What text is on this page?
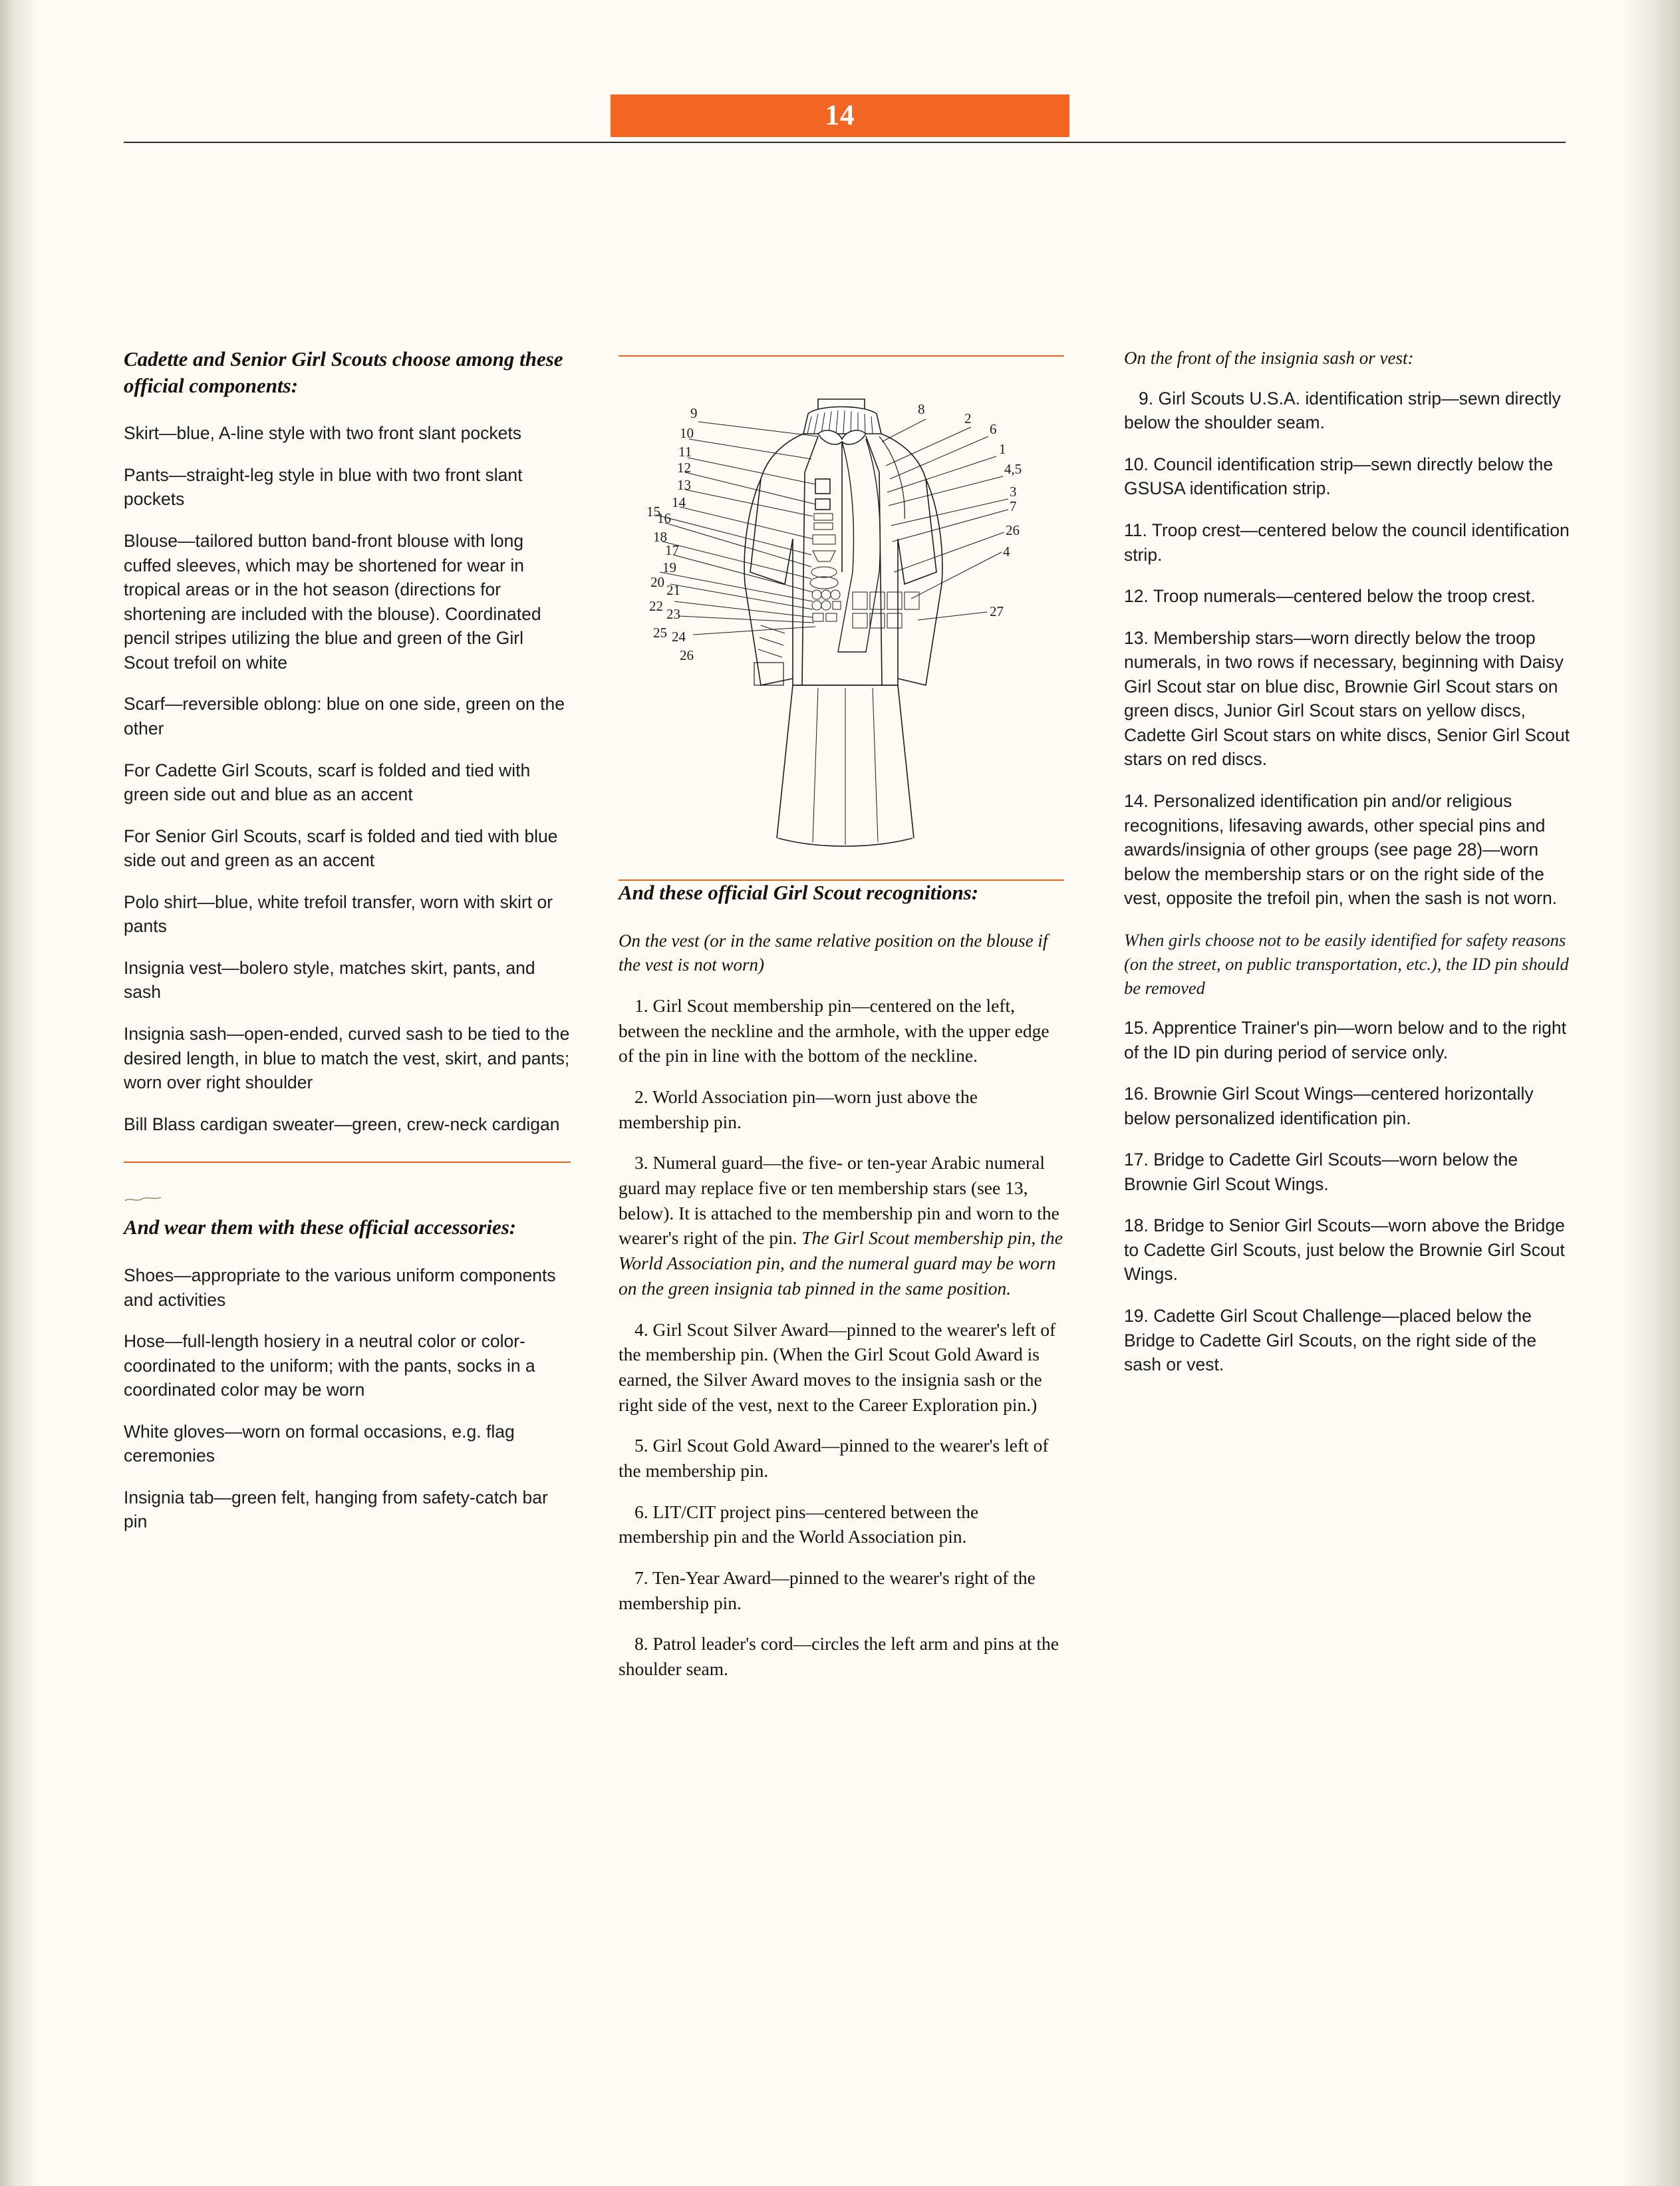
14
Cadette and Senior Girl Scouts choose among these official components:

Skirt—blue, A-line style with two front slant pockets

Pants—straight-leg style in blue with two front slant pockets

Blouse—tailored button band-front blouse with long cuffed sleeves, which may be shortened for wear in tropical areas or in the hot season (directions for shortening are included with the blouse). Coordinated pencil stripes utilizing the blue and green of the Girl Scout trefoil on white

Scarf—reversible oblong: blue on one side, green on the other

For Cadette Girl Scouts, scarf is folded and tied with green side out and blue as an accent

For Senior Girl Scouts, scarf is folded and tied with blue side out and green as an accent

Polo shirt—blue, white trefoil transfer, worn with skirt or pants

Insignia vest—bolero style, matches skirt, pants, and sash

Insignia sash—open-ended, curved sash to be tied to the desired length, in blue to match the vest, skirt, and pants; worn over right shoulder

Bill Blass cardigan sweater—green, crew-neck cardigan

And wear them with these official accessories:

Shoes—appropriate to the various uniform components and activities

Hose—full-length hosiery in a neutral color or color-coordinated to the uniform; with the pants, socks in a coordinated color may be worn

White gloves—worn on formal occasions, e.g. flag ceremonies

Insignia tab—green felt, hanging from safety-catch bar pin

9
10
11
12
13
14
15
16
18
17
19
20 21
22 23
25 24
26
8
2
6
1
4,5
3
7
26
4
27
And these official Girl Scout recognitions:

On the vest (or in the same relative position on the blouse if the vest is not worn)

1. Girl Scout membership pin—centered on the left, between the neckline and the armhole, with the upper edge of the pin in line with the bottom of the neckline.

2. World Association pin—worn just above the membership pin.

3. Numeral guard—the five- or ten-year Arabic numeral guard may replace five or ten membership stars (see 13, below). It is attached to the membership pin and worn to the wearer's right of the pin. The Girl Scout membership pin, the World Association pin, and the numeral guard may be worn on the green insignia tab pinned in the same position.

4. Girl Scout Silver Award—pinned to the wearer's left of the membership pin. (When the Girl Scout Gold Award is earned, the Silver Award moves to the insignia sash or the right side of the vest, next to the Career Exploration pin.)

5. Girl Scout Gold Award—pinned to the wearer's left of the membership pin.

6. LIT/CIT project pins—centered between the membership pin and the World Association pin.

7. Ten-Year Award—pinned to the wearer's right of the membership pin.

8. Patrol leader's cord—circles the left arm and pins at the shoulder seam.

On the front of the insignia sash or vest:

9. Girl Scouts U.S.A. identification strip—sewn directly below the shoulder seam.

10. Council identification strip—sewn directly below the GSUSA identification strip.

11. Troop crest—centered below the council identification strip.

12. Troop numerals—centered below the troop crest.

13. Membership stars—worn directly below the troop numerals, in two rows if necessary, beginning with Daisy Girl Scout star on blue disc, Brownie Girl Scout stars on green discs, Junior Girl Scout stars on yellow discs, Cadette Girl Scout stars on white discs, Senior Girl Scout stars on red discs.

14. Personalized identification pin and/or religious recognitions, lifesaving awards, other special pins and awards/insignia of other groups (see page 28)—worn below the membership stars or on the right side of the vest, opposite the trefoil pin, when the sash is not worn.

When girls choose not to be easily identified for safety reasons (on the street, on public transportation, etc.), the ID pin should be removed

15. Apprentice Trainer's pin—worn below and to the right of the ID pin during period of service only.

16. Brownie Girl Scout Wings—centered horizontally below personalized identification pin.

17. Bridge to Cadette Girl Scouts—worn below the Brownie Girl Scout Wings.

18. Bridge to Senior Girl Scouts—worn above the Bridge to Cadette Girl Scouts, just below the Brownie Girl Scout Wings.

19. Cadette Girl Scout Challenge—placed below the Bridge to Cadette Girl Scouts, on the right side of the sash or vest.
